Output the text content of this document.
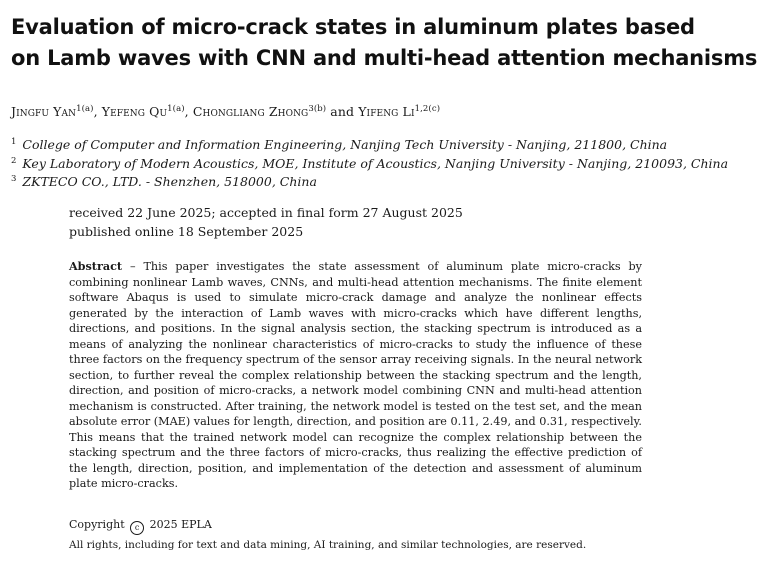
Evaluation of micro-crack states in aluminum plates based
on Lamb waves with CNN and multi-head attention mechanisms
Jingfu Yan$^{1(a)}$, Yefeng $Qu^{1(a)}$, Chongliang Zhong$^{3(b)}$ and Yifeng $Li^{1,2(c)}$
$^1$ College of Computer and Information Engineering, Nanjing Tech University - Nanjing, 211800, China
$^2$ Key Laboratory of Modern Acoustics, MOE, Institute of Acoustics, Nanjing University - Nanjing, 210093, China
$^3$ ZKTECO CO., LTD. - Shenzhen, 518000, China
received 22 June 2025; accepted in final form 27 August 2025
published online 18 September 2025

Abstract – This paper investigates the state assessment of aluminum plate micro-cracks by combining nonlinear Lamb waves, CNNs, and multi-head attention mechanisms. The finite element software Abaqus is used to simulate micro-crack damage and analyze the nonlinear effects generated by the interaction of Lamb waves with micro-cracks which have different lengths, directions, and positions. In the signal analysis section, the stacking spectrum is introduced as a means of analyzing the nonlinear characteristics of micro-cracks to study the influence of these three factors on the frequency spectrum of the sensor array receiving signals. In the neural network section, to further reveal the complex relationship between the stacking spectrum and the length, direction, and position of micro-cracks, a network model combining CNN and multi-head attention mechanism is constructed. After training, the network model is tested on the test set, and the mean absolute error (MAE) values for length, direction, and position are 0.11, 2.49, and 0.31, respectively. This means that the trained network model can recognize the complex relationship between the stacking spectrum and the three factors of micro-cracks, thus realizing the effective prediction of the length, direction, position, and implementation of the detection and assessment of aluminum plate micro-cracks.

Copyright c 2025 EPLA
All rights, including for text and data mining, AI training, and similar technologies, are reserved.
